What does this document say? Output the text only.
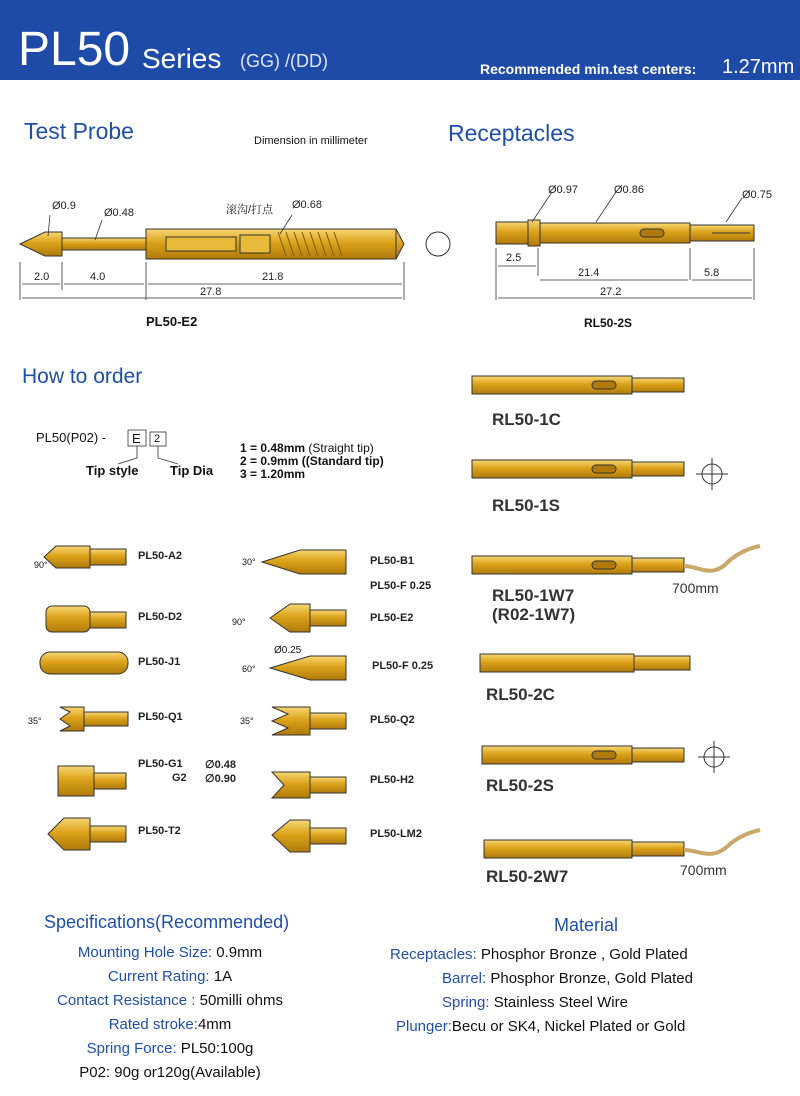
PL50 Series (GG) /(DD)	Recommended min.test centers: 1.27mm
Test Probe	Dimension in millimeter
Ø0.9
Ø0.48	滚沟/打点 Ø0.68
2.0	4.0	21.8
27.8
PL50-E2
Receptacles
Ø0.97	Ø0.86	Ø0.75
2.5
21.4	5.8
27.2
RL50-2S
How to order
PL50(P02) - E 2
Tip style Tip Dia
1 = 0.48mm (Straight tip)
2 = 0.9mm ((Standard tip)
3 = 1.20mm
PL50-A2
90°
PL50-D2
PL50-J1
PL50-Q1
35°
PL50-G1 ∅0.48
G2 ∅0.90
PL50-T2
PL50-B1
30°
PL50-F 0.25
PL50-E2
90°
Ø0.25
60°	PL50-F 0.25
PL50-Q2
35°
PL50-H2
PL50-LM2
RL50-1C
RL50-1S
RL50-1W7
(R02-1W7)
700mm
RL50-2C
RL50-2S
RL50-2W7	700mm
Specifications(Recommended)
Mounting Hole Size: 0.9mm
Current Rating: 1A
Contact Resistance : 50milli ohms
Rated stroke:4mm
Spring Force: PL50:100g
P02: 90g or120g(Available)
Material
Receptacles: Phosphor Bronze , Gold Plated
Barrel: Phosphor Bronze, Gold Plated
Spring: Stainless Steel Wire
Plunger:Becu or SK4, Nickel Plated or Gold
